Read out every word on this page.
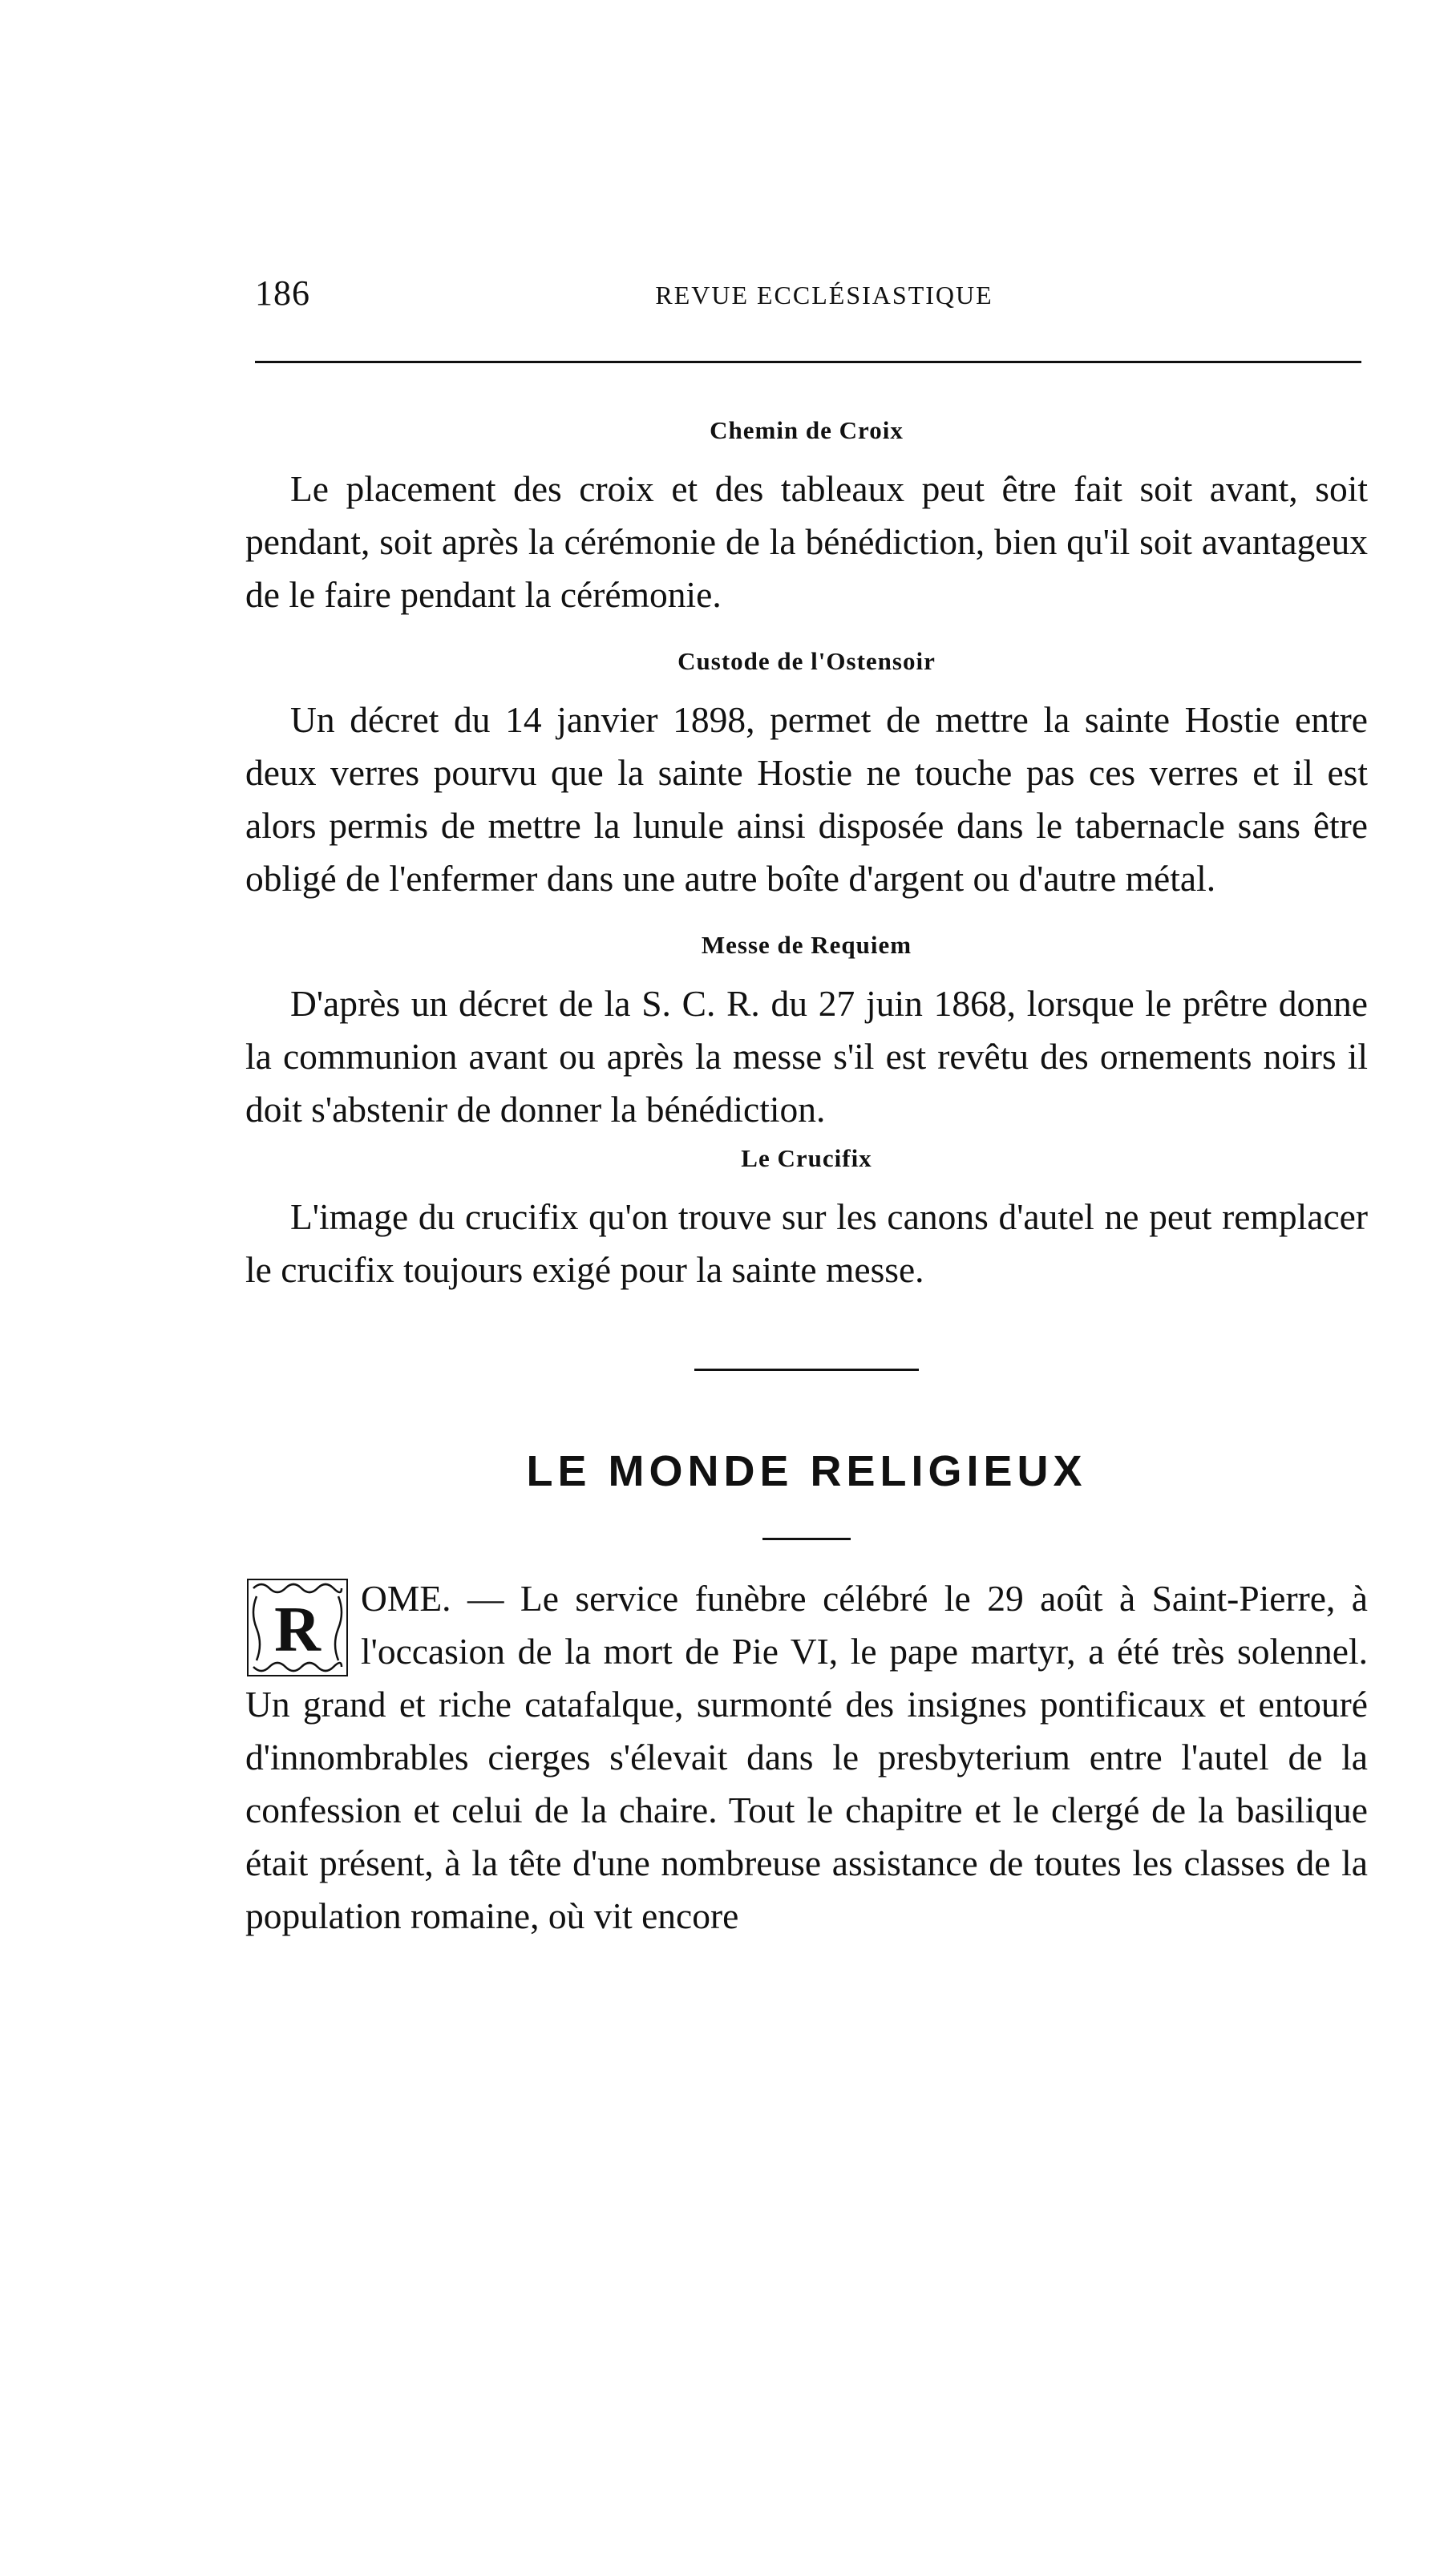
186	REVUE ECCLÉSIASTIQUE
Chemin de Croix

Le placement des croix et des tableaux peut être fait soit avant, soit pendant, soit après la cérémonie de la bénédiction, bien qu'il soit avantageux de le faire pendant la cérémonie.

Custode de l'Ostensoir

Un décret du 14 janvier 1898, permet de mettre la sainte Hostie entre deux verres pourvu que la sainte Hostie ne touche pas ces verres et il est alors permis de mettre la lunule ainsi disposée dans le tabernacle sans être obligé de l'enfermer dans une autre boîte d'argent ou d'autre métal.

Messe de Requiem

D'après un décret de la S. C. R. du 27 juin 1868, lorsque le prêtre donne la communion avant ou après la messe s'il est revêtu des ornements noirs il doit s'abstenir de donner la bénédiction.

Le Crucifix

L'image du crucifix qu'on trouve sur les canons d'autel ne peut remplacer le crucifix toujours exigé pour la sainte messe.

LE MONDE RELIGIEUX
R	OME. — Le service funèbre célébré le 29 août à Saint-Pierre, à l'occasion de la mort de Pie VI, le pape martyr, a été très solennel. Un grand et riche catafalque, surmonté des insignes pontificaux et entouré d'innombrables cierges s'élevait dans le presbyterium entre l'autel de la confession et celui de la chaire. Tout le chapitre et le clergé de la basilique était présent, à la tête d'une nombreuse assistance de toutes les classes de la population romaine, où vit encore
